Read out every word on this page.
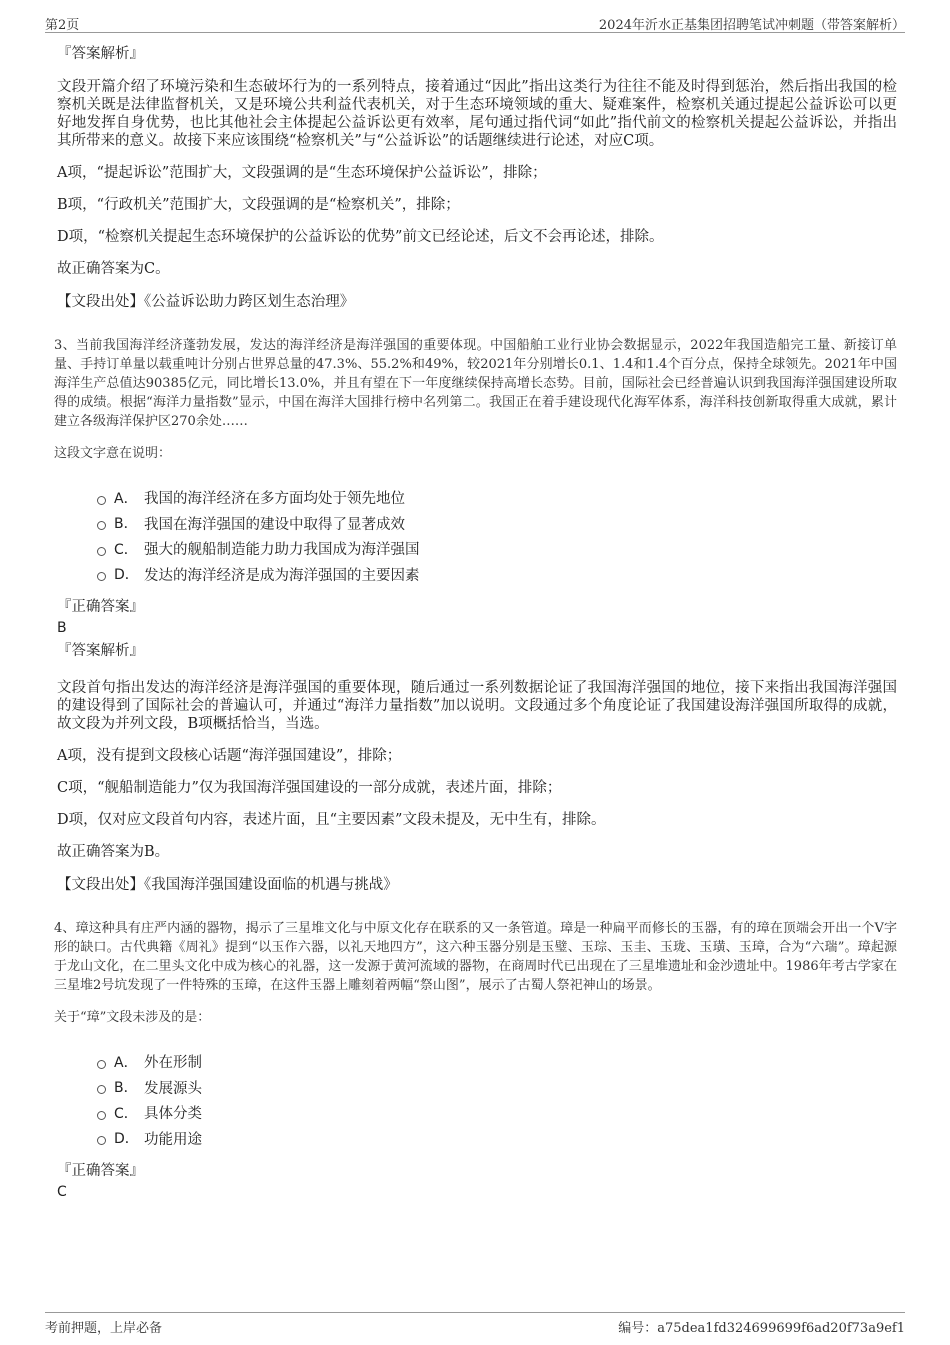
第2页	2024年沂水正基集团招聘笔试冲刺题（带答案解析）
『答案解析』

文段开篇介绍了环境污染和生态破坏行为的一系列特点，接着通过“因此”指出这类行为往往不能及时得到惩治，然后指出我国的检察机关既是法律监督机关，又是环境公共利益代表机关，对于生态环境领域的重大、疑难案件，检察机关通过提起公益诉讼可以更好地发挥自身优势，也比其他社会主体提起公益诉讼更有效率，尾句通过指代词“如此”指代前文的检察机关提起公益诉讼，并指出其所带来的意义。故接下来应该围绕“检察机关”与“公益诉讼”的话题继续进行论述，对应C项。

A项，“提起诉讼”范围扩大，文段强调的是“生态环境保护公益诉讼”，排除；

B项，“行政机关”范围扩大，文段强调的是“检察机关”，排除；

D项，“检察机关提起生态环境保护的公益诉讼的优势”前文已经论述，后文不会再论述，排除。

故正确答案为C。

【文段出处】《公益诉讼助力跨区划生态治理》
3、当前我国海洋经济蓬勃发展，发达的海洋经济是海洋强国的重要体现。中国船舶工业行业协会数据显示，2022年我国造船完工量、新接订单量、手持订单量以载重吨计分别占世界总量的47.3%、55.2%和49%，较2021年分别增长0.1、1.4和1.4个百分点，保持全球领先。2021年中国海洋生产总值达90385亿元，同比增长13.0%，并且有望在下一年度继续保持高增长态势。目前，国际社会已经普遍认识到我国海洋强国建设所取得的成绩。根据“海洋力量指数”显示，中国在海洋大国排行榜中名列第二。我国正在着手建设现代化海军体系，海洋科技创新取得重大成就，累计建立各级海洋保护区270余处……
这段文字意在说明：
A． 我国的海洋经济在多方面均处于领先地位
B． 我国在海洋强国的建设中取得了显著成效
C． 强大的舰船制造能力助力我国成为海洋强国
D． 发达的海洋经济是成为海洋强国的主要因素
『正确答案』
B
『答案解析』

文段首句指出发达的海洋经济是海洋强国的重要体现，随后通过一系列数据论证了我国海洋强国的地位，接下来指出我国海洋强国的建设得到了国际社会的普遍认可，并通过“海洋力量指数”加以说明。文段通过多个角度论证了我国建设海洋强国所取得的成就，故文段为并列文段，B项概括恰当，当选。

A项，没有提到文段核心话题“海洋强国建设”，排除；

C项，“舰船制造能力”仅为我国海洋强国建设的一部分成就，表述片面，排除；

D项，仅对应文段首句内容，表述片面，且“主要因素”文段未提及，无中生有，排除。

故正确答案为B。

【文段出处】《我国海洋强国建设面临的机遇与挑战》
4、璋这种具有庄严内涵的器物，揭示了三星堆文化与中原文化存在联系的又一条管道。璋是一种扁平而修长的玉器，有的璋在顶端会开出一个V字形的缺口。古代典籍《周礼》提到“以玉作六器，以礼天地四方”，这六种玉器分别是玉璧、玉琮、玉圭、玉珑、玉璜、玉璋，合为“六瑞”。璋起源于龙山文化，在二里头文化中成为核心的礼器，这一发源于黄河流域的器物，在商周时代已出现在了三星堆遗址和金沙遗址中。1986年考古学家在三星堆2号坑发现了一件特殊的玉璋，在这件玉器上雕刻着两幅“祭山图”，展示了古蜀人祭祀神山的场景。
关于“璋”文段未涉及的是：
A． 外在形制
B． 发展源头
C． 具体分类
D． 功能用途
『正确答案』
C
考前押题，上岸必备	编号：a75dea1fd324699699f6ad20f73a9ef1
